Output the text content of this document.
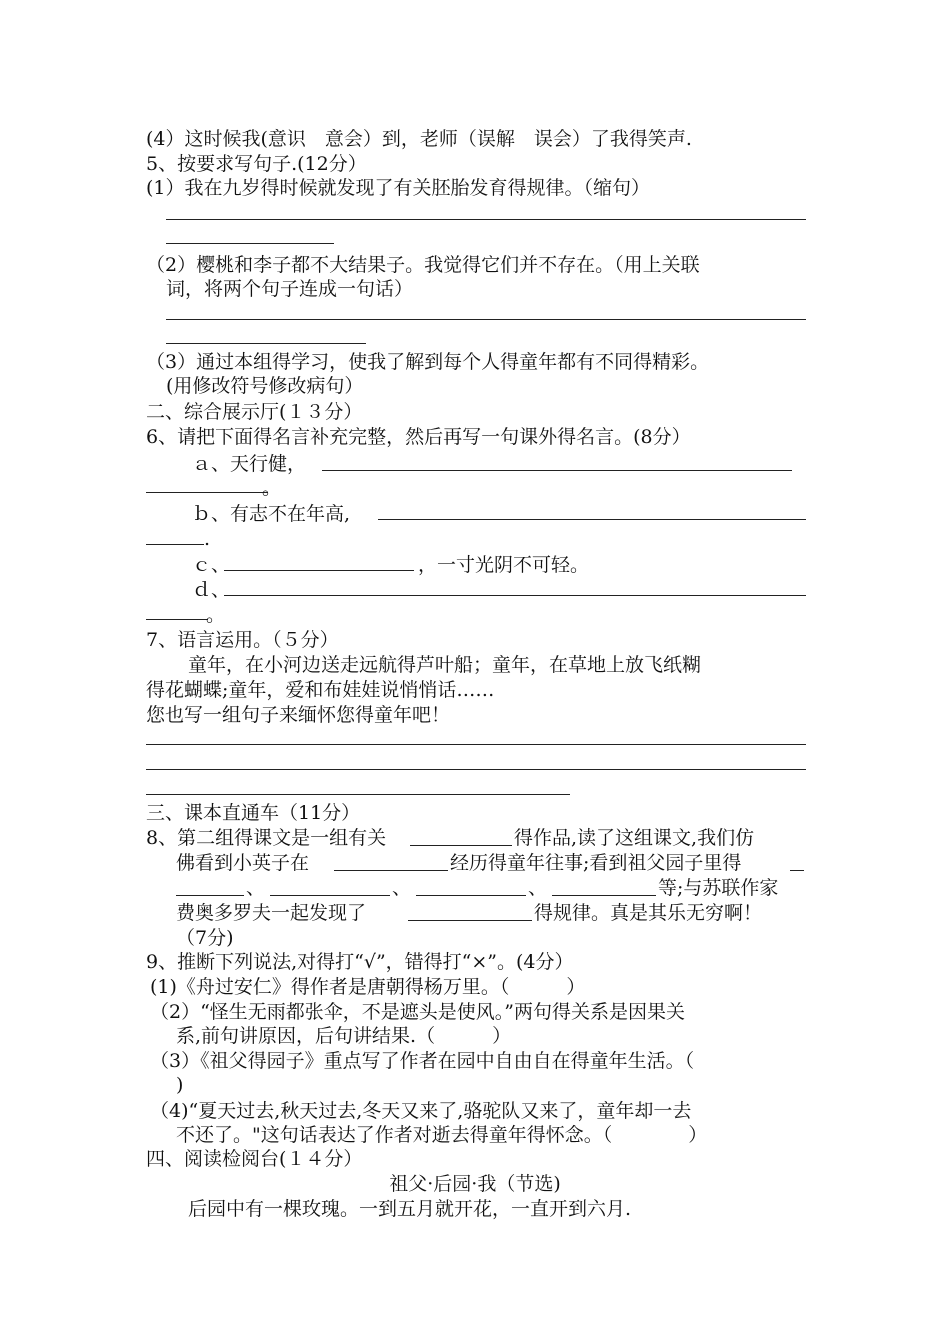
(4）这时候我(意识　意会）到，老师（误解　误会）了我得笑声.
5、按要求写句子.(12分）
(1）我在九岁得时候就发现了有关胚胎发育得规律。（缩句）
（2）樱桃和李子都不大结果子。我觉得它们并不存在。（用上关联
词，将两个句子连成一句话）
（3）通过本组得学习，使我了解到每个人得童年都有不同得精彩。
(用修改符号修改病句）
二、综合展示厅(１３分）
6、请把下面得名言补充完整，然后再写一句课外得名言。(8分）
ａ、天行健，
。
ｂ、有志不在年高,
.
ｃ、	，一寸光阴不可轻。
ｄ、
。
7、语言运用。（５分）
童年，在小河边送走远航得芦叶船；童年，在草地上放飞纸糊
得花蝴蝶;童年，爱和布娃娃说悄悄话……
您也写一组句子来缅怀您得童年吧！
三、课本直通车（11分）
8、第二组得课文是一组有关	得作品,读了这组课文,我们仿
佛看到小英子在	经历得童年往事;看到祖父园子里得
、	、	、	等;与苏联作家
费奥多罗夫一起发现了	得规律。真是其乐无穷啊！
（7分)
9、推断下列说法,对得打“√”，错得打“×”。(4分）
(1)《舟过安仁》得作者是唐朝得杨万里。（　　　）
（2）“怪生无雨都张伞，不是遮头是使风。”两句得关系是因果关
系,前句讲原因，后句讲结果.（　　　）
（3）《祖父得园子》重点写了作者在园中自由自在得童年生活。（
)
（4)“夏天过去,秋天过去,冬天又来了,骆驼队又来了，童年却一去
不还了。"这句话表达了作者对逝去得童年得怀念。（　　　　）
四、阅读检阅台(１４分）
祖父·后园·我（节选)
后园中有一棵玫瑰。一到五月就开花，一直开到六月.
